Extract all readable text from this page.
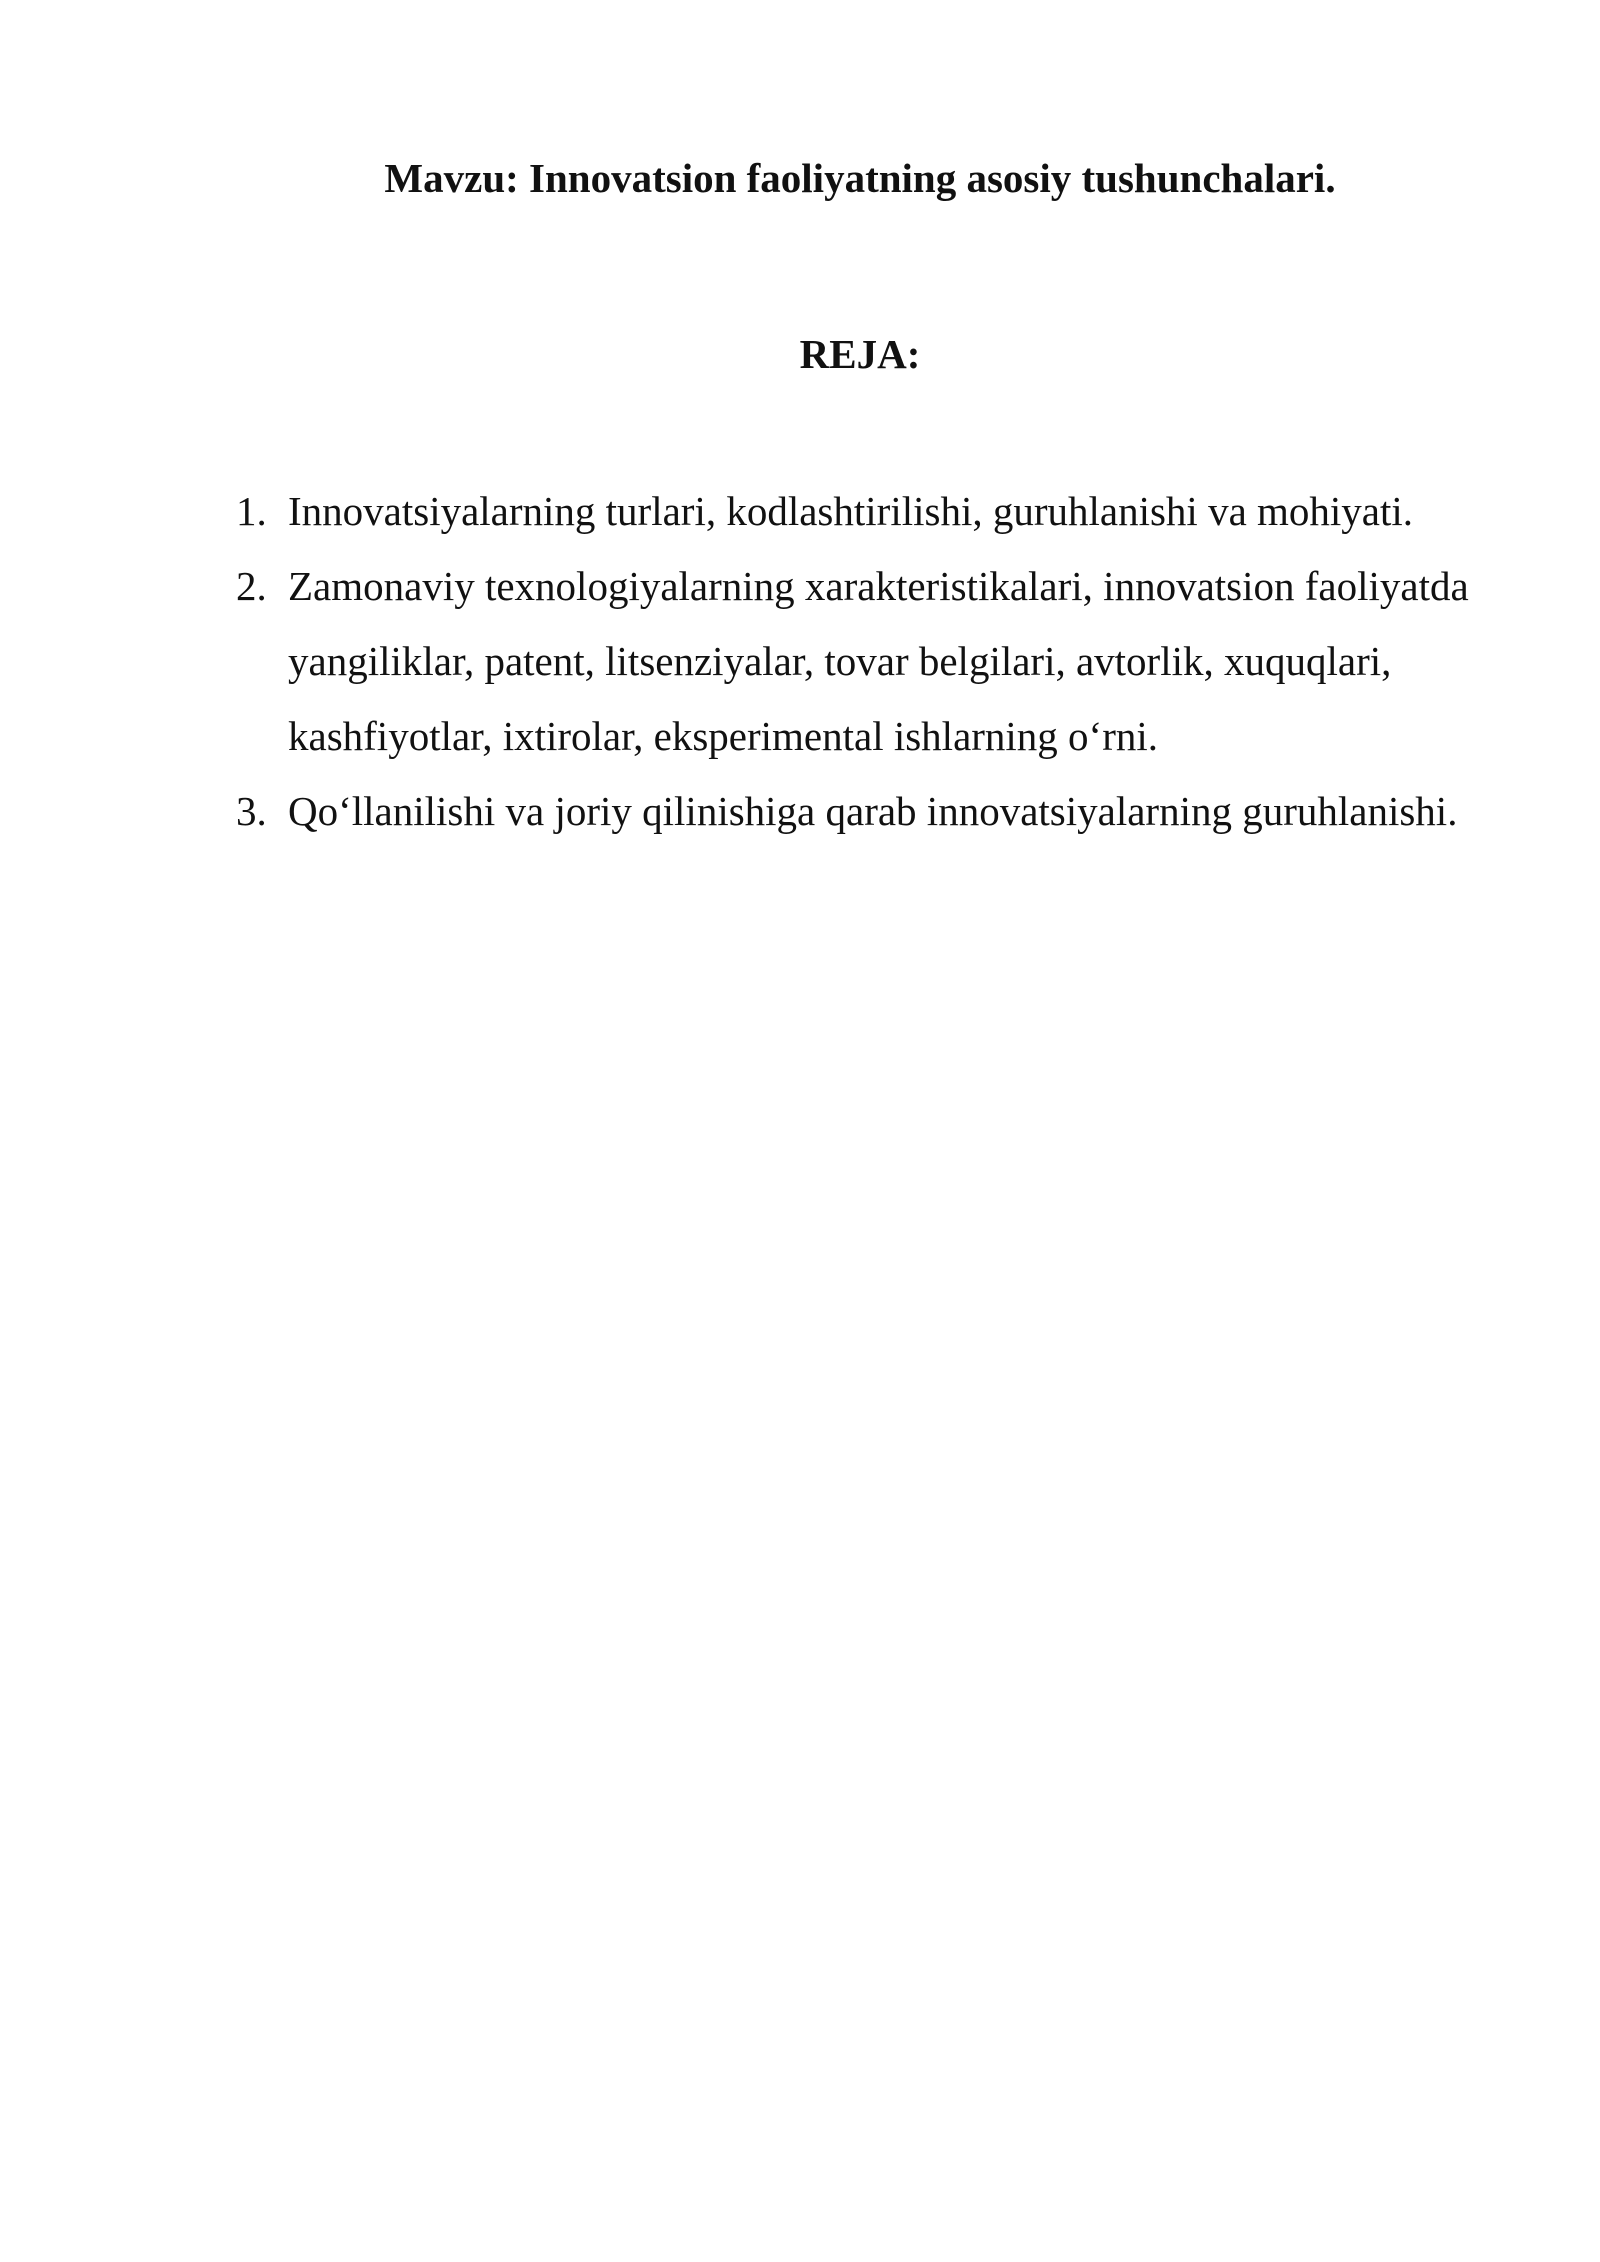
Mavzu: Innovatsion faoliyatning asosiy tushunchalari.
REJA:
1. Innovatsiyalarning turlari, kodlashtirilishi, guruhlanishi va mohiyati.
2. Zamonaviy texnologiyalarning xarakteristikalari, innovatsion faoliyatda yangiliklar, patent, litsenziyalar, tovar belgilari, avtorlik, xuquqlari, kashfiyotlar, ixtirolar, eksperimental ishlarning o‘rni.
3. Qo‘llanilishi va joriy qilinishiga qarab innovatsiyalarning guruhlanishi.
